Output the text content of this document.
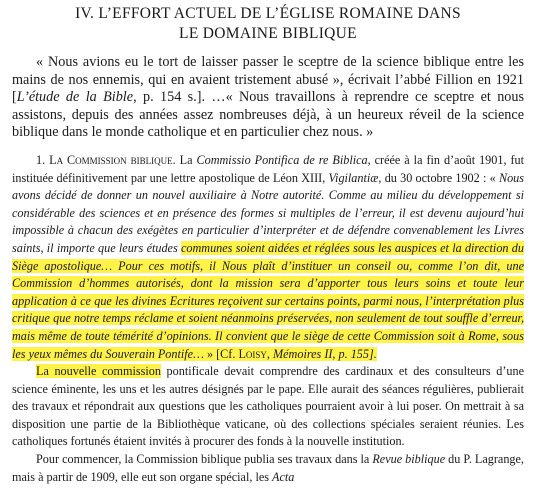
IV. L’EFFORT ACTUEL DE L’ÉGLISE ROMAINE DANS
LE DOMAINE BIBLIQUE

« Nous avions eu le tort de laisser passer le sceptre de la science biblique entre les mains de nos ennemis, qui en avaient tristement abusé », écrivait l’abbé Fillion en 1921 [L’étude de la Bible, p. 154 s.]. …« Nous travaillons à reprendre ce sceptre et nous assistons, depuis des années assez nombreuses déjà, à un heureux réveil de la science biblique dans le monde catholique et en particulier chez nous. »

1. La Commission biblique. La Commissio Pontifica de re Biblica, créée à la fin d’août 1901, fut instituée définitivement par une lettre apostolique de Léon XIII, Vigilantiæ, du 30 octobre 1902 : « Nous avons décidé de donner un nouvel auxiliaire à Notre autorité. Comme au milieu du développement si considérable des sciences et en présence des formes si multiples de l’erreur, il est devenu aujourd’hui impossible à chacun des exégètes en particulier d’interpréter et de défendre convenablement les Livres saints, il importe que leurs études communes soient aidées et réglées sous les auspices et la direction du Siège apostolique… Pour ces motifs, il Nous plaît d’instituer un conseil ou, comme l’on dit, une Commission d’hommes autorisés, dont la mission sera d’apporter tous leurs soins et toute leur application à ce que les divines Ecritures reçoivent sur certains points, parmi nous, l’interprétation plus critique que notre temps réclame et soient néanmoins préservées, non seulement de tout souffle d’erreur, mais même de toute témérité d’opinions. Il convient que le siège de cette Commission soit à Rome, sous les yeux mêmes du Souverain Pontife… » [Cf. Loisy, Mémoires II, p. 155].

La nouvelle commission pontificale devait comprendre des cardinaux et des consulteurs d’une science éminente, les uns et les autres désignés par le pape. Elle aurait des séances régulières, publierait des travaux et répondrait aux questions que les catholiques pourraient avoir à lui poser. On mettrait à sa disposition une partie de la Bibliothèque vaticane, où des collections spéciales seraient réunies. Les catholiques fortunés étaient invités à procurer des fonds à la nouvelle institution.

Pour commencer, la Commission biblique publia ses travaux dans la Revue biblique du P. Lagrange, mais à partir de 1909, elle eut son organe spécial, les Acta
